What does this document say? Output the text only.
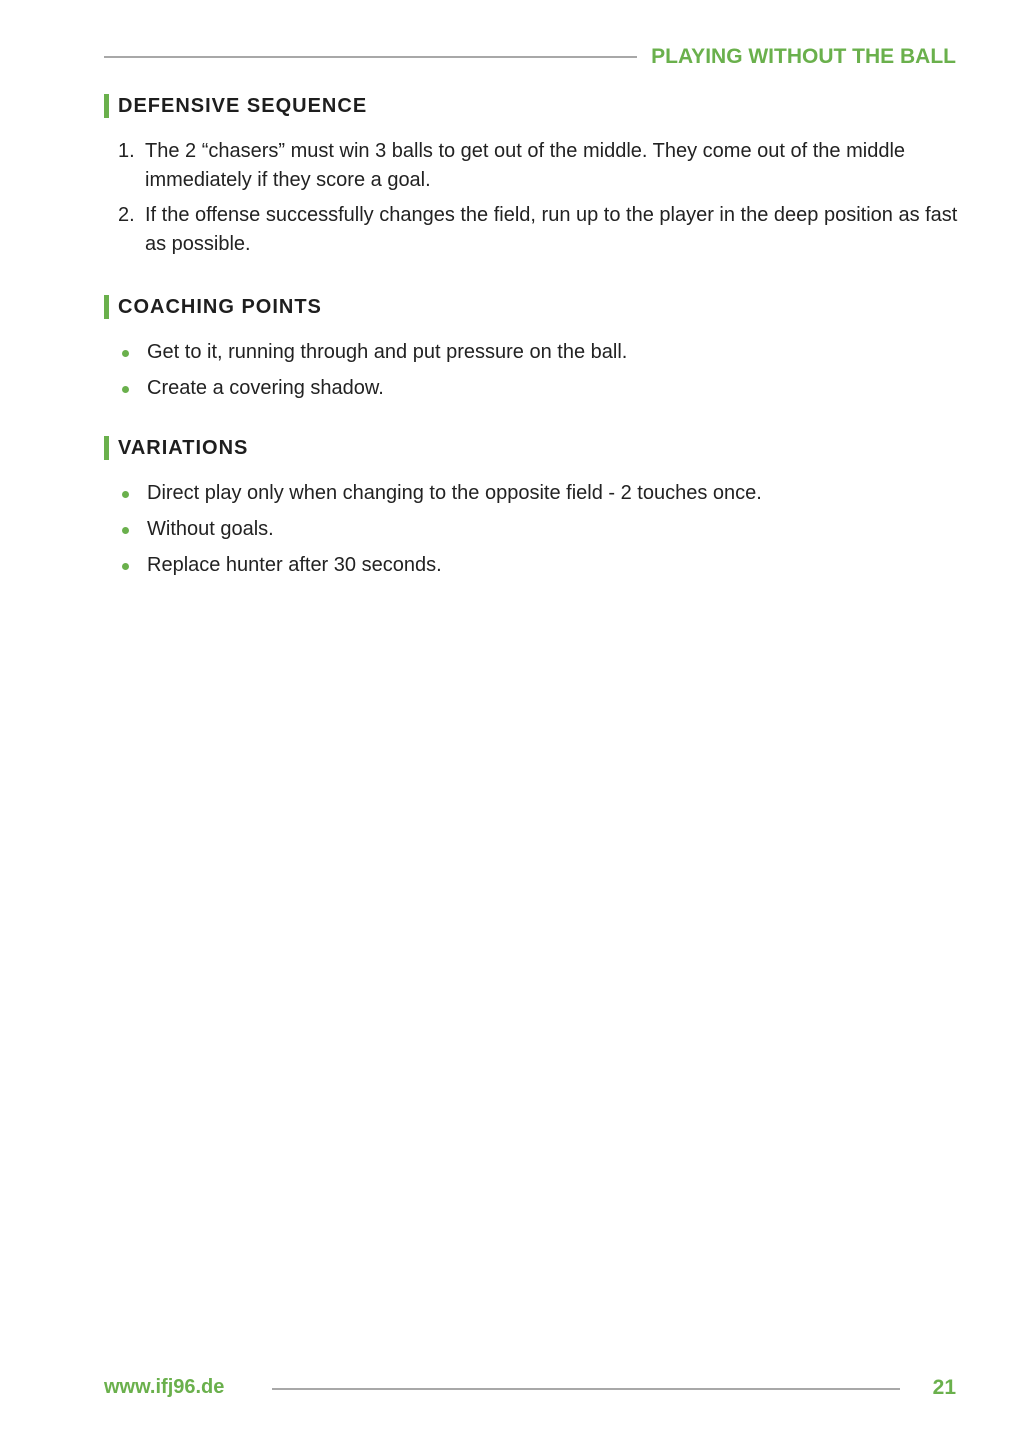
PLAYING WITHOUT THE BALL
DEFENSIVE SEQUENCE
1. The 2 “chasers” must win 3 balls to get out of the middle. They come out of the middle immediately if they score a goal.
2. If the offense successfully changes the field, run up to the player in the deep position as fast as possible.
COACHING POINTS
Get to it, running through and put pressure on the ball.
Create a covering shadow.
VARIATIONS
Direct play only when changing to the opposite field - 2 touches once.
Without goals.
Replace hunter after 30 seconds.
www.ifj96.de	21
